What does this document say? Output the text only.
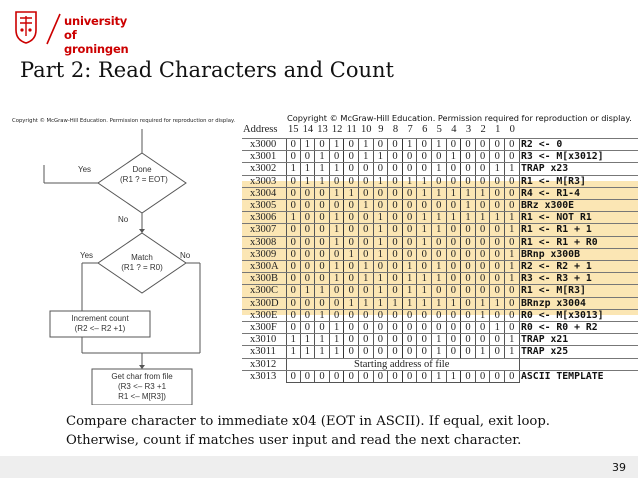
university of
groningen
Part 2: Read Characters and Count
Copyright © McGraw-Hill Education. Permission required for reproduction or display.	Copyright © McGraw-Hill Education. Permission required for reproduction or display.
Done
(R1 ? = EOT)
Yes
No
Match
(R1 ? = R0)
Yes	No
Increment count
(R2 <– R2 +1)
Get char from file
(R3 <– R3 +1
R1 <– M[R3])
Address 15 14 13 12 11 10 9 8 7 6 5 4 3 2 1 0
x3000	0 1 0 1 0 1 0 0 1 0 1 0 0 0 0 0 R2 <- 0
x3001	0 0 1 0 0 1 1 0 0 0 0 1 0 0 0 0 R3 <- M[x3012]
x3002	1 1 1 1 0 0 0 0 0 0 1 0 0 0 1 1 TRAP x23
x3003	0 1 1 0 0 0 1 0 1 1 0 0 0 0 0 0 R1 <- M[R3]
x3004	0 0 0 1 1 0 0 0 0 1 1 1 1 1 0 0 R4 <- R1-4
x3005	0 0 0 0 0 1 0 0 0 0 0 0 1 0 0 0 BRz x300E
x3006	1 0 0 1 0 0 1 0 0 1 1 1 1 1 1 1 R1 <- NOT R1
x3007	0 0 0 1 0 0 1 0 0 1 1 0 0 0 0 1 R1 <- R1 + 1
x3008	0 0 0 1 0 0 1 0 0 1 0 0 0 0 0 0 R1 <- R1 + R0
x3009	0 0 0 0 1 0 1 0 0 0 0 0 0 0 0 1 BRnp x300B
x300A	0 0 0 1 0 1 0 0 1 0 1 0 0 0 0 1 R2 <- R2 + 1
x300B	0 0 0 1 0 1 1 0 1 1 1 0 0 0 0 1 R3 <- R3 + 1
x300C	0 1 1 0 0 0 1 0 1 1 0 0 0 0 0 0 R1 <- M[R3]
x300D	0 0 0 0 1 1 1 1 1 1 1 1 0 1 1 0 BRnzp x3004
x300E	0 0 1 0 0 0 0 0 0 0 0 0 0 1 0 0 R0 <- M[x3013]
x300F	0 0 0 1 0 0 0 0 0 0 0 0 0 0 1 0 R0 <- R0 + R2
x3010	1 1 1 1 0 0 0 0 0 0 1 0 0 0 0 1 TRAP x21
x3011	1 1 1 1 0 0 0 0 0 0 1 0 0 1 0 1 TRAP x25
x3012	Starting address of file
x3013	0 0 0 0 0 0 0 0 0 0 1 1 0 0 0 0 ASCII TEMPLATE
Compare character to immediate x04 (EOT in ASCII). If equal, exit loop.
Otherwise, count if matches user input and read the next character.
39
